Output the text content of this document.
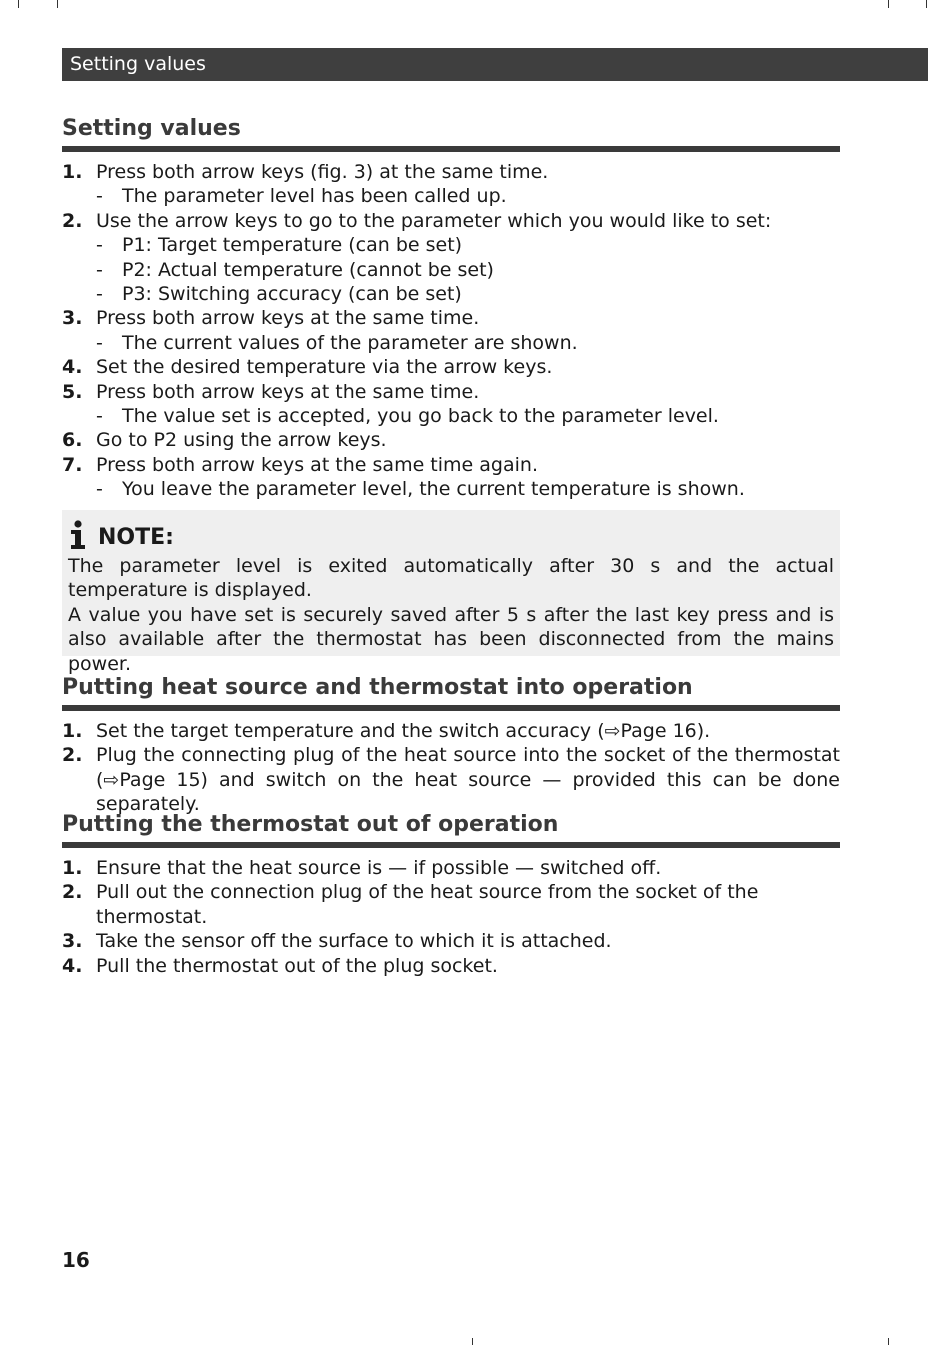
Setting values
Setting values
1. Press both arrow keys (fig. 3) at the same time.
- The parameter level has been called up.
2. Use the arrow keys to go to the parameter which you would like to set:
- P1: Target temperature (can be set)
- P2: Actual temperature (cannot be set)
- P3: Switching accuracy (can be set)
3. Press both arrow keys at the same time.
- The current values of the parameter are shown.
4. Set the desired temperature via the arrow keys.
5. Press both arrow keys at the same time.
- The value set is accepted, you go back to the parameter level.
6. Go to P2 using the arrow keys.
7. Press both arrow keys at the same time again.
- You leave the parameter level, the current temperature is shown.
NOTE:
The parameter level is exited automatically after 30 s and the actual temperature is displayed.
A value you have set is securely saved after 5 s after the last key press and is also available after the thermostat has been disconnected from the mains power.
Putting heat source and thermostat into operation
1. Set the target temperature and the switch accuracy (⇨Page 16).
2. Plug the connecting plug of the heat source into the socket of the thermostat (⇨Page 15) and switch on the heat source — provided this can be done separately.
Putting the thermostat out of operation
1. Ensure that the heat source is — if possible — switched off.
2. Pull out the connection plug of the heat source from the socket of the thermostat.
3. Take the sensor off the surface to which it is attached.
4. Pull the thermostat out of the plug socket.
16
